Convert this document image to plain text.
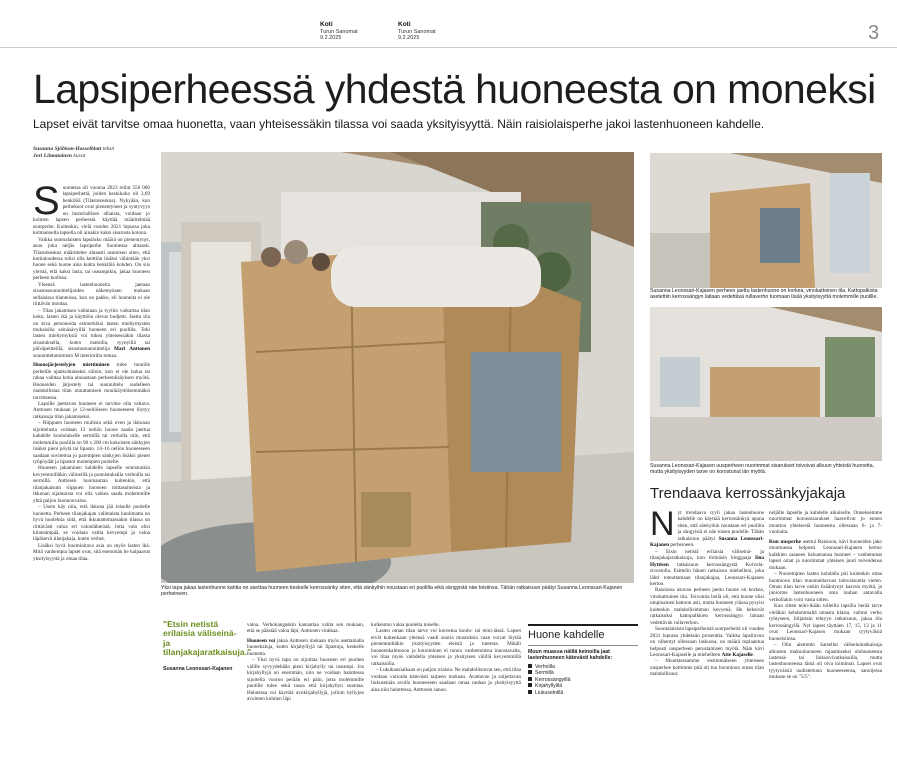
Koti
Turun Sanomat
9.2.2025
Koti
Turun Sanomat
9.2.2025	3
Lapsiperheessä yhdestä huoneesta on moneksi
Lapset eivät tarvitse omaa huonetta, vaan yhteisessäkin tilassa voi saada yksityisyyttä. Näin raisiolaisperhe jakoi lastenhuoneen kahdelle.
Susanna Sjöblom-Hasselblatt teksti
Jori Liimatainen kuvat

Suomessa oli vuonna 2023 reilut 550 000 lapsiperhettä, joiden keskikoko oli 3,69 henkilöä (Tilastokeskus). Nykyään, kun perhekoot ovat pienentyneet ja syntyvyys on historiallisen alhaista, voidaan jo kolmen lapsen perheestä käyttää määritelmää suurperhe. Kuitenkin, vielä vuoden 2021 lopussa joka kolmannella lapsella oli ainakin kaksi sisarusta kotona.

Vaikka suomalaisten lapsiluku määrä on pienentynyt, asuu joka neljäs lapsiperhe Suomessa ahtaasti. Tilastokeskus määrittelee ahtaasti asumisen siten, että kotitaloudessa tulisi olla keittiön lisäksi vähintään yksi huone sekä huone aina kuhta henkilöä kohden. On siis yleistä, että kaksi lasta, tai useampikin, jakaa huoneen perheen kodissa.

Yleensä lastenhuoneita jaetaan sisustussuunnittelijoiden näkemyksen mukaan sellaisissa tilanteissa, kun on pakko, eli huoneita ei ole riittävän montaa.

– Tilan jakamisen valintaan ja tyyliin vaikuttaa tilan koko, lasten ikä ja käyttöön olevat budjetti. Jaettu tila on kiva personoida esimerkiksi lasten mieltymysten mukaisilla seinäsävyillä huoneen eri puolilla. Toki lasten mieltymyksiä voi tukea yhteisessäkin tilassa sisustuksella, kuten matoilla, tyynyillä tai päiväpeitteillä, sisustussuunnittelija Mari Anttonen suunnittelutoimisto M interiorilta toteaa.

Huonejärjestelyjen miettiminen tulee monille perheille ajankohtaiseksi silloin, kun ei ole halua tai rahaa vaihtaa kotia ainoastaan perheenlisäyksen myötä. Huoneiden järjestely tai suunnittelu uudelleen mahdollistaa tilan muuttamisen monikäyttöisemmäksi tarvittaessa.

Lapsille jaettavan huoneen ei tarvitse olla valtava. Anttosen mukaan jo 12-neliöiseen huoneeseen löytyy ratkaisuja tilan jakamiseksi.

– Riippuen huoneen muilista sekä oven ja ikkunan sijoittelusta voidaan 12 neliön huone saada jaettua kahdelle koululaiselle sermillä tai verholla niin, että molemmilla puolilla on 90 x 200 cm kokoisten sänkyjen lisäksi pieni pöytä tai lipasto. 14–16 neliön huoneeseen saadaan sovitettua jo parempien sänkyjen lisäksi pienet työpöydät ja lipastot molempien puolelle.

Huoneen jakaminen kahdelle lapselle onnistuukin kevyemmilläkin välineillä ja ponnistuksilla verhoilla tai sermillä. Anttosen huomauttaa kuitenkin, että tilanjakaisutn riippuen huoneen mittasuhteista ja ikkunan sijainnista voi olla vaikea saada molemmille yhtä paljon luonnonvaloa.

– Usein käy niin, että ikkuna jää toiselle puolelle huonetta. Perheen tilanjakajan valintaista huolimatta on hyvä huolehtia siitä, että ikkunattomassakin tilassa on riittävästi valoa eri valonlähteistä. Jotta valo olisi kiinteämpää, se voidaan valita kevyempi ja valoa läpäisevä tilanjakaja, kuten verhot.

Lisäksi hyvä huomioitava asia on myös lasten ikä. Mitä vanhempia lapset ovat, sitä enemmän he kaipaavat yksityisyyttä ja omaa tilaa.

Yksi tapa jakaa lastenhuone kahtia on asettaa huoneen keskelle kerrossänky siten, että sänkyihin noustaan eri puolilta eikä sängyistä näe toisiinsa. Tähän ratkaisuun päätyi Susanna Leonssari-Kajanen perheineen.
Susanna Leonssari-Kajasen perheen jaettu lastenhuone on korkea, vinokattoinen tila. Kattopalkista asetettiin kerrossängyn laitaan vedettävä rullaverho tuomaan lisää yksityisyyttä molemmille puolille.
Susanna Leonssari-Kajasen uusperheen nuorimmat sisarukset toivoivat alkuun yhteistä huonetta, mutta yksityisyyden tarve on korostunut iän myötä.
Trendaava kerrossänkyjakaja
"Etsin netistä erilaisia väliseinä- ja tilanjakajaratkaisuja."
Susanna Leonssari-Kajanen

valoa. Verhokangaskin kannattaa valita sen mukaan, että se päästää valoa läpi, Anttonen vinkkaa.

Huoneen voi jakaa Anttosen mukaan myös asettamalla huonekaluja, kuten kirjahyllyjä tai lipastoja, keskelle huonetta.

– Yksi hyvä tapa on sijoittaa huoneen eri puolten välille syvyydeltään pieni kirjahylly tai useampi. Jos kirjahyllyjä on enemmän, niin ne voidaan haluttessa sijoitella vuoron perään eri päin, jotta molemmille puolille tulee sekä tasoa että kirjahyllyn suuntaa. Halutessa voi käyttää avokirjahyllyjä, jolloin hyllyjen avoimen kohtien läpi

kulkeutuu valoa puolelta toiselle.

Lasten oman tilan tarve voi korostua koulu- tai teini-iässä. Lapset eivät kuitenkaan yleensä vaadi suuria muutoksia vaan voivat löytää pienemmiltäkin yksityisyyden eleistä ja tuteesta. Mikäli huoneenkalmuoon ja kotoiminen ei tunnu vanhemmista innostavalta, voi tilaa myös vaihdella yhteisen ja yksityisen välillä kevyemmillä ratkaisuilla.

– Lukukausiaikaan on paljon rriaisia. Ne mahdollistavat sen, että tilaa voidaan varioida kätevästi tarpeen mukaan. Avattavan ja suljettavan liukuseinän avulla huoneeseen saadaan omaa rauhaa ja yksityisyyttä aina niin haluttessa, Anttonen sanoo.

Huone kahdelle
Muun muassa näillä keinoilla jaat lastenhuoneen kätevästi kahdelle:
Verhoilla
Sermillä
Kerrossängyillä
Kirjahyllyillä
Liukuseinillä

Nyt trendaava tyyli jakaa lastenhuone kahdelle on käyttää kerrossänkyä apuna siten, että sänkyihin noustaan eri puolilta ja sängyistä ei näe toisen puolelle. Tähän ratkaisuun päätyi Susanna Leonssari-Kajanen perheineen.

– Etsin netistä erilaisia väliseinä- ja tilanjakajaratkaisuja, kun törmäsin bloggaaja Iina Hyttisen ratkaisuun kerrossängystä Koivula-sivustolla. Esittelin hänen ratkaisun miehelleni, joka lähti toteuttamaan tilanjakajaa, Leonssari-Kajanen kertoo.

Raisiossa asuvan perheen jaettu huone on korkea, vinokattoinen tila. Toivomia beilä oli, että huone olisi umpinainen kattoon asti, mutta huoneen yläosa pysyisi kuitenkin mahdollisimman kevyenä. He keksivät ratkaisuksi kattopalkkien kerrossängyn laitaan vedettävän rullaverhon.

Suomalaisista lapsiperheistä suurperheitä oli vuoden 2021 lopussa yhdeksän prosenttia. Vaikka lapsiluvun on vähentyt ollessaan laskussa, on määrä tuplaantua helposti uusperheen perustamisen myötä. Näin kävi Leonssari-Kajaselle ja miehelleen Atte Kajaselle.

– Muuttaessamme ensimmäiseen yhteiseen uusperhee kotiimme pitä oli tuo huomioon oman tilan mahdollisuus

neljälle lapselle ja kahdelle aikuiselle. Onneksemme nuorimmat bonussisarukset haavelivat jo ennen muuttoa yhteisestä huoneesta ollessaan 6- ja 7-vuotiaita.

Kun uusperhe asettui Raisioon, kävi huoneiden jako muuttuessa helposti. Leonssari-Kajanen kertoo kaikkien saaneen haluamansa huoneet – vanhemmat lapset omat ja nuorimmat yhteisen juuri toiveidensa mukaan.

– Nuorempien lasten kohdalla piti kuitenkin ottaa huomioon tilan muunneltavuus tulevaisuutta vieten. Oman tilan tarve onkin lisääntynyt kasvun myötä, ja juniorme lastenhuoneen oma rauhan antavalla verhollakin voin vasta sitten.

Kun sitten teini-ikään tulleilla lapsilla herää tarve vieläkin kehdommaltä omasta tilasta, vaihtui verho ryhtyseen, liiljattain tehtyyn ratkaisuun, jakaa tila kerrossängyllä. Nyt lapset täyttäen 17, 15, 13 ja 11 ovat Leonssari-Kajasen mukaan tyytyväisiä huoneisiinsa.

– Olin aiemmin katsellut väliseinäratkaisuja alkusten makuuhuoneen rajaamiseksi olohuoneesta lastensä- tai liukuovivatkaisuilla, mutta lastenhuoneessa tämä oli oiva toimintai. Lapset ovat tyytyväisiä uudistettuun huoneeseensa, sanoijessa mukaan se on "5/5".
